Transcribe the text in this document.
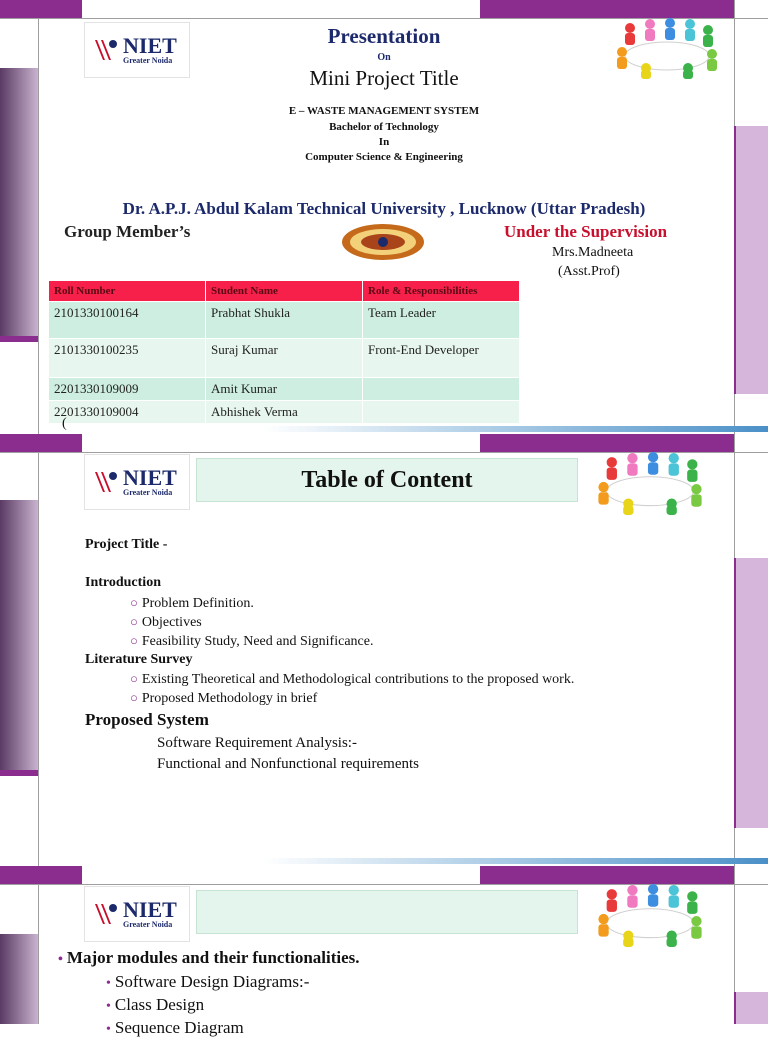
NIET
Greater Noida
Presentation
On
Mini Project Title
E – WASTE MANAGEMENT SYSTEM
Bachelor of Technology
In
Computer Science & Engineering
Dr. A.P.J. Abdul Kalam Technical University , Lucknow (Uttar Pradesh)
Group Member’s	Under the Supervision
Mrs.Madneeta
(Asst.Prof)
Roll Number	Student Name	Role & Responsibilities
2101330100164	Prabhat Shukla	Team Leader
2101330100235	Suraj Kumar	Front-End Developer
2201330109009	Amit Kumar	
2201330109004	Abhishek Verma	
(
NIET
Greater Noida	Table of Content
Project Title -
Introduction
○ Problem Definition.
○ Objectives
○ Feasibility Study, Need and Significance.
Literature Survey
○ Existing Theoretical and Methodological contributions to the proposed work.
○ Proposed Methodology in brief
Proposed System
Software Requirement Analysis:-
Functional and Nonfunctional requirements
NIET
Greater Noida
• Major modules and their functionalities.
• Software Design Diagrams:-
• Class Design
• Sequence Diagram
